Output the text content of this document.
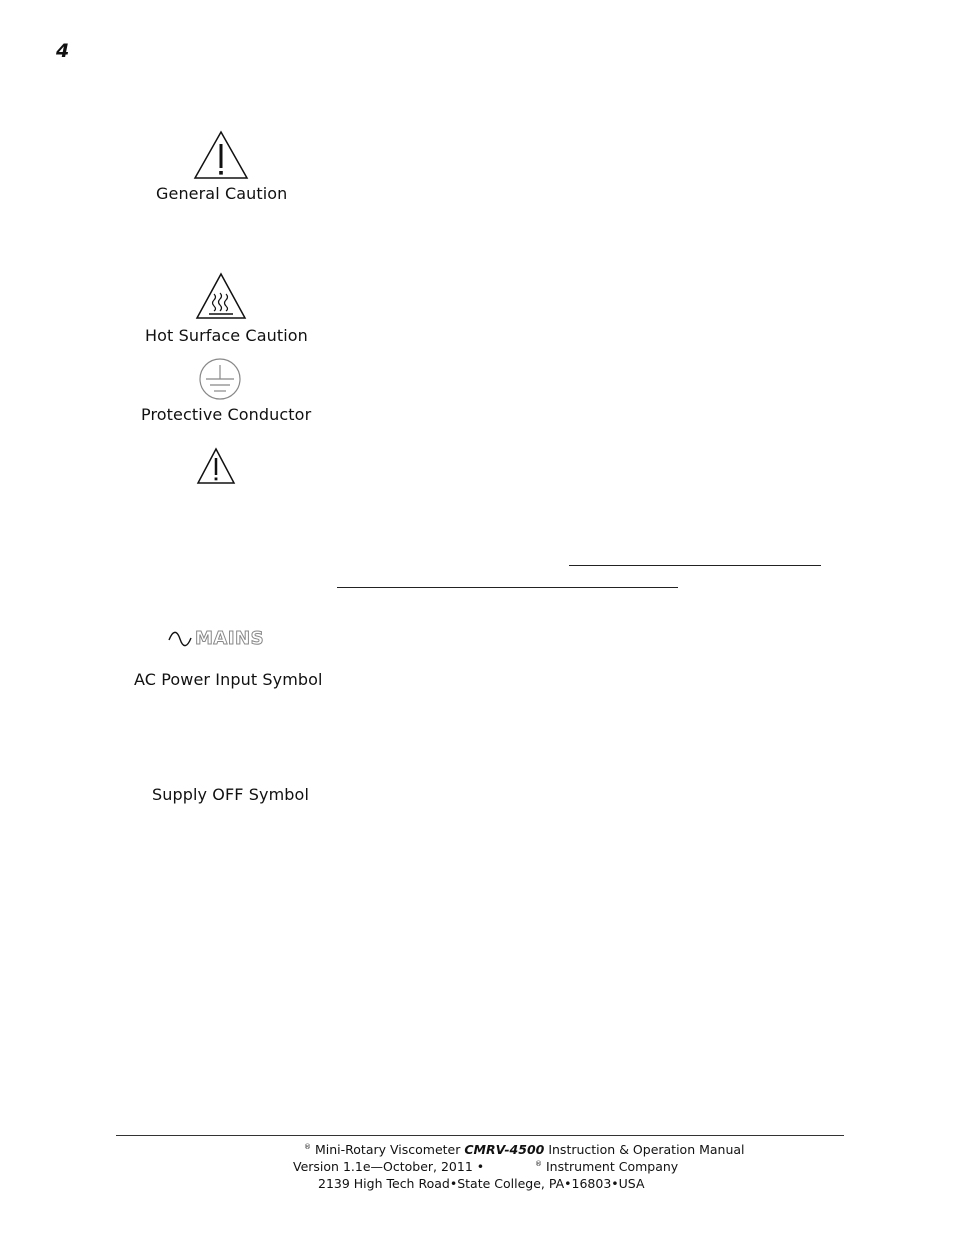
4
General Caution
Hot Surface Caution
Protective Conductor
MAINS
AC Power Input Symbol
Supply OFF Symbol
® Mini-Rotary Viscometer CMRV-4500 Instruction & Operation Manual
Version 1.1e—October, 2011 •	® Instrument Company
2139 High Tech Road•State College, PA•16803•USA
